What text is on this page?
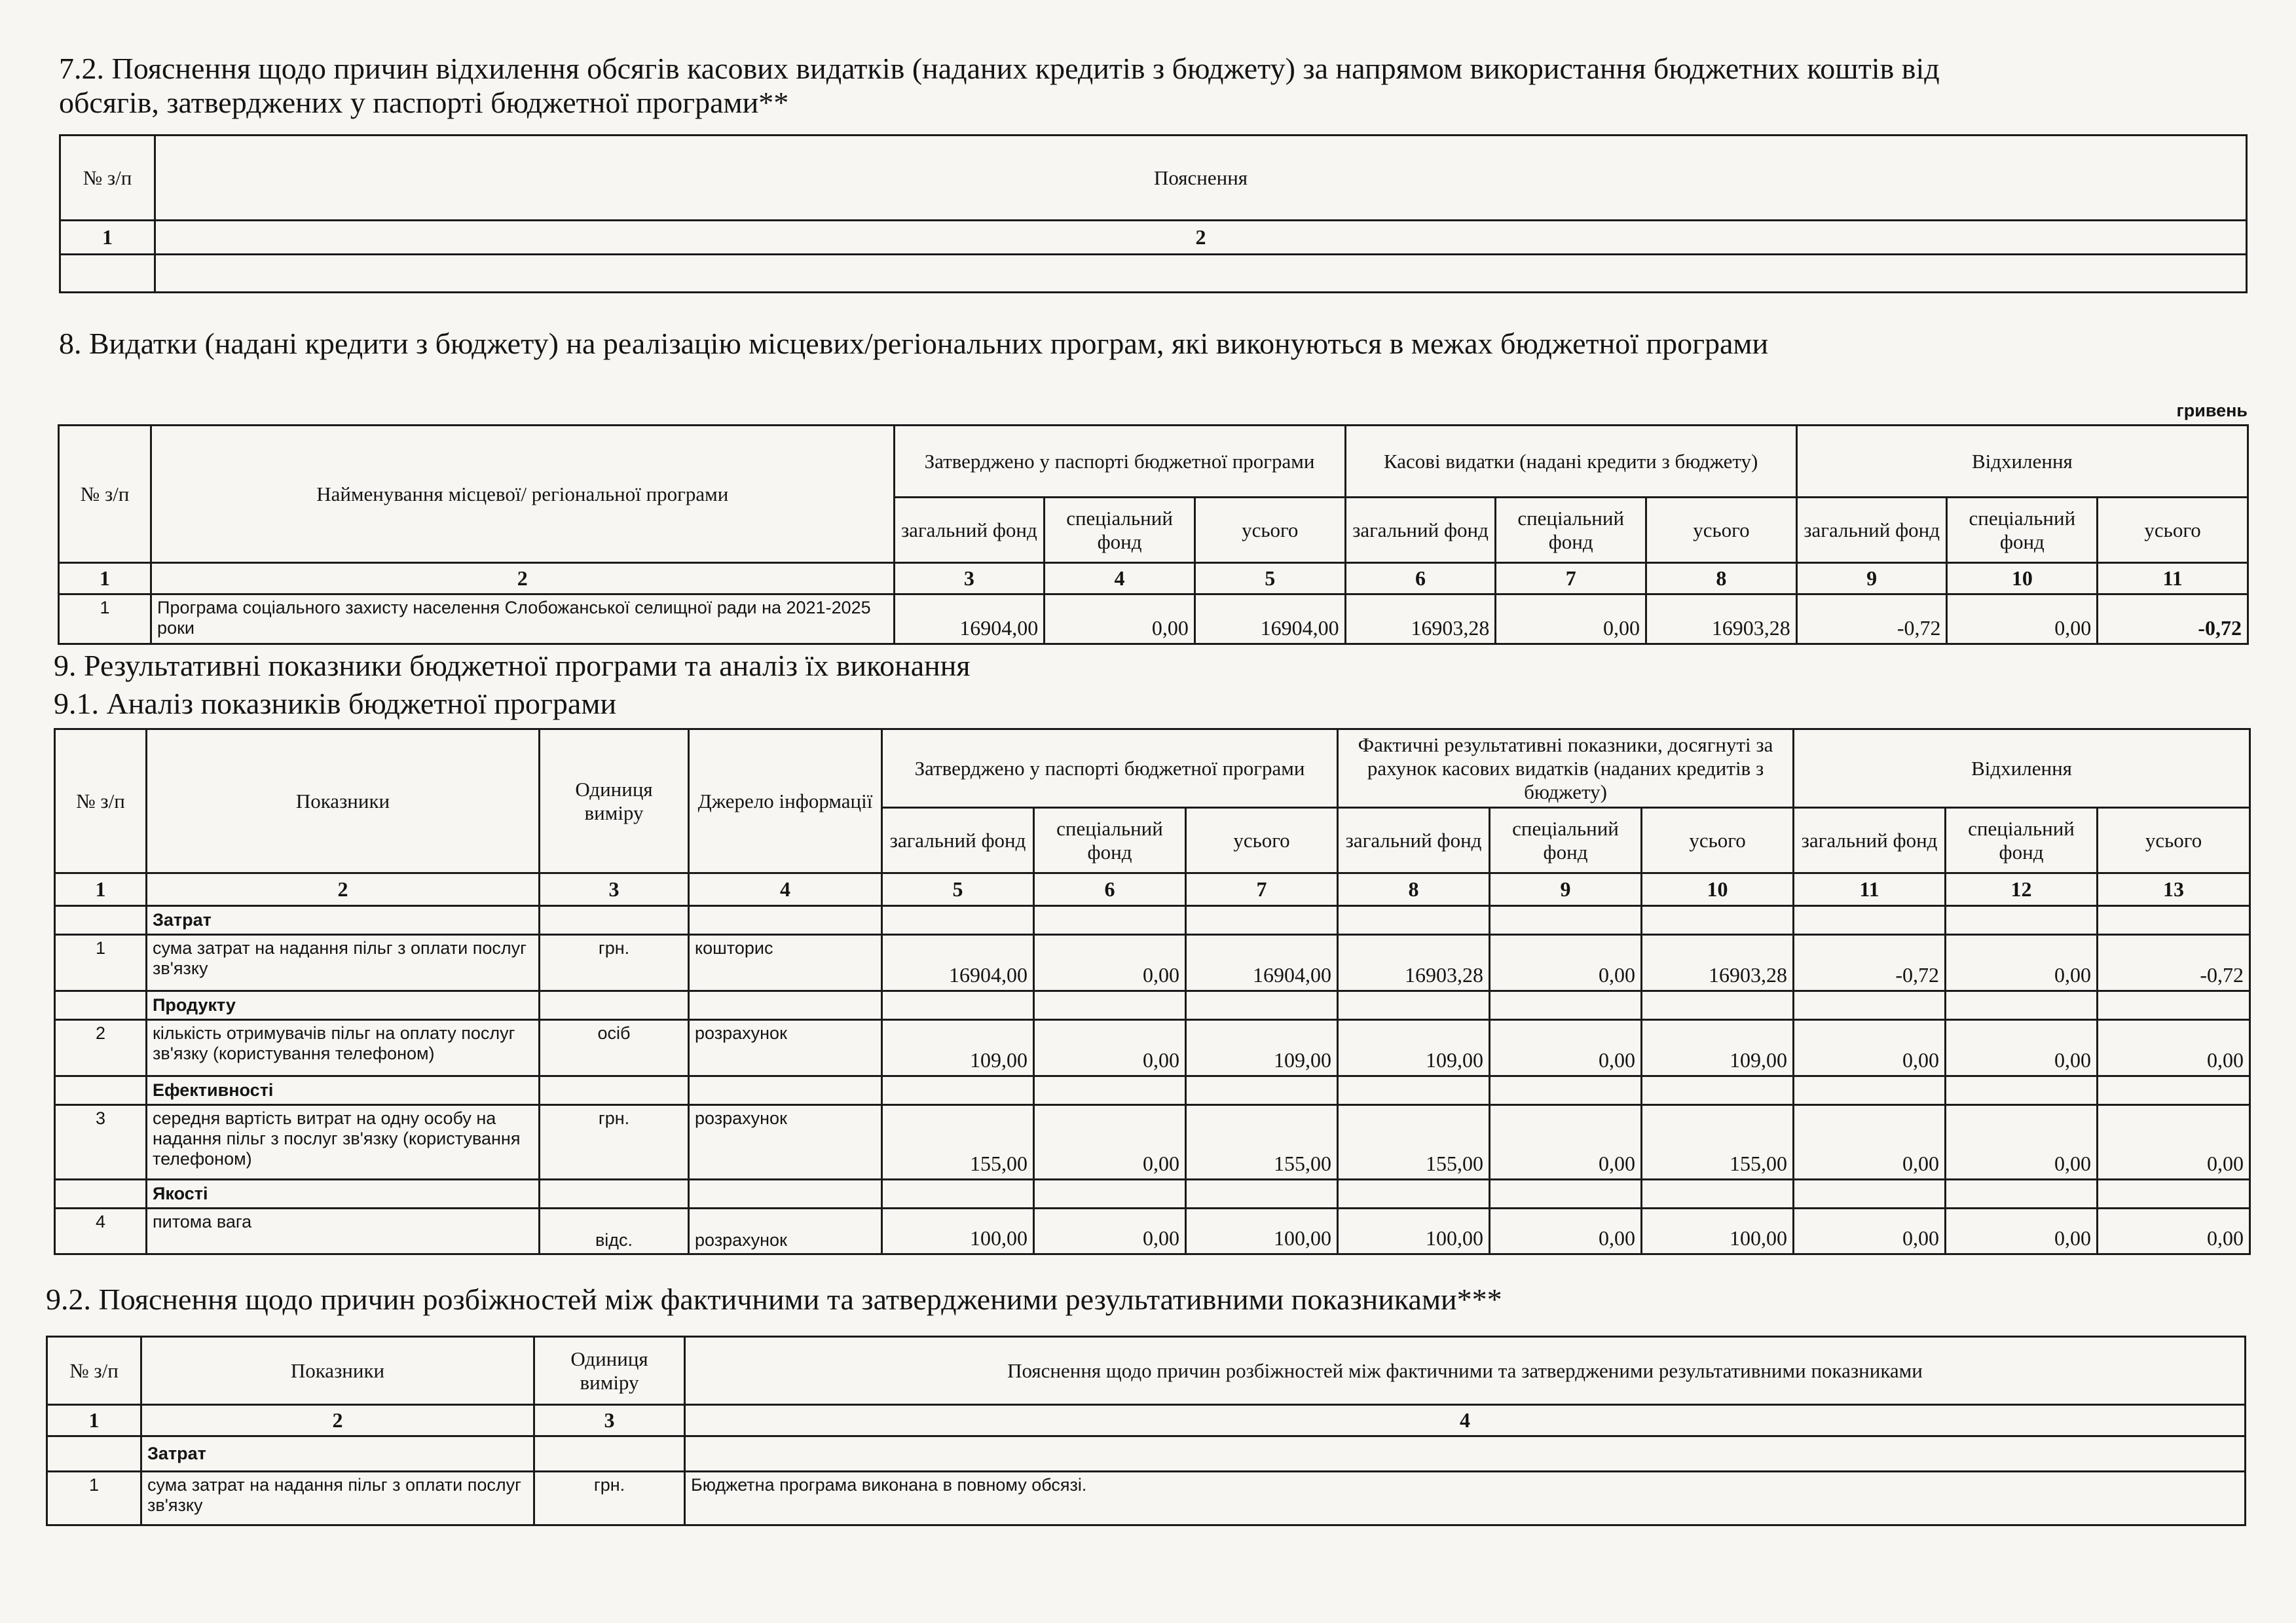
7.2. Пояснення щодо причин відхилення обсягів касових видатків (наданих кредитів з бюджету) за напрямом використання бюджетних коштів від

обсягів, затверджених у паспорті бюджетної програми**

№ з/п	Пояснення
1	2

8. Видатки (надані кредити з бюджету) на реалізацію місцевих/регіональних програм, які виконуються в межах бюджетної програми

гривень
№ з/п	Найменування місцевої/ регіональної програми	Затверджено у паспорті бюджетної програми			Касові видатки (надані кредити з бюджету)			Відхилення		
		загальний фонд	спеціальний фонд	усього	загальний фонд	спеціальний фонд	усього	загальний фонд	спеціальний фонд	усього
1	2	3	4	5	6	7	8	9	10	11
1	Програма соціального захисту населення Слобожанської селищної ради на 2021-2025 роки	16904,00	0,00	16904,00	16903,28	0,00	16903,28	-0,72	0,00	-0,72

9. Результативні показники бюджетної програми та аналіз їх виконання

9.1. Аналіз показників бюджетної програми

№ з/п	Показники	Одиниця виміру	Джерело інформації	Затверджено у паспорті бюджетної програми			Фактичні результативні показники, досягнуті за рахунок касових видатків (наданих кредитів з бюджету)			Відхилення		
				загальний фонд	спеціальний фонд	усього	загальний фонд	спеціальний фонд	усього	загальний фонд	спеціальний фонд	усього
1	2	3	4	5	6	7	8	9	10	11	12	13
	Затрат											
1	сума затрат на надання пільг з оплати послуг зв'язку	грн.	кошторис	16904,00	0,00	16904,00	16903,28	0,00	16903,28	-0,72	0,00	-0,72
	Продукту											
2	кількість отримувачів пільг на оплату послуг зв'язку (користування телефоном)	осіб	розрахунок	109,00	0,00	109,00	109,00	0,00	109,00	0,00	0,00	0,00
	Ефективності											
3	середня вартість витрат на одну особу на надання пільг з послуг зв'язку (користування телефоном)	грн.	розрахунок	155,00	0,00	155,00	155,00	0,00	155,00	0,00	0,00	0,00
	Якості											
4	питома вага	відс.	розрахунок	100,00	0,00	100,00	100,00	0,00	100,00	0,00	0,00	0,00

9.2. Пояснення щодо причин розбіжностей між фактичними та затвердженими результативними показниками***

№ з/п	Показники	Одиниця виміру	Пояснення щодо причин розбіжностей між фактичними та затвердженими результативними показниками
1	2	3	4
	Затрат		
1	сума затрат на надання пільг з оплати послуг зв'язку	грн.	Бюджетна програма виконана в повному обсязі.
